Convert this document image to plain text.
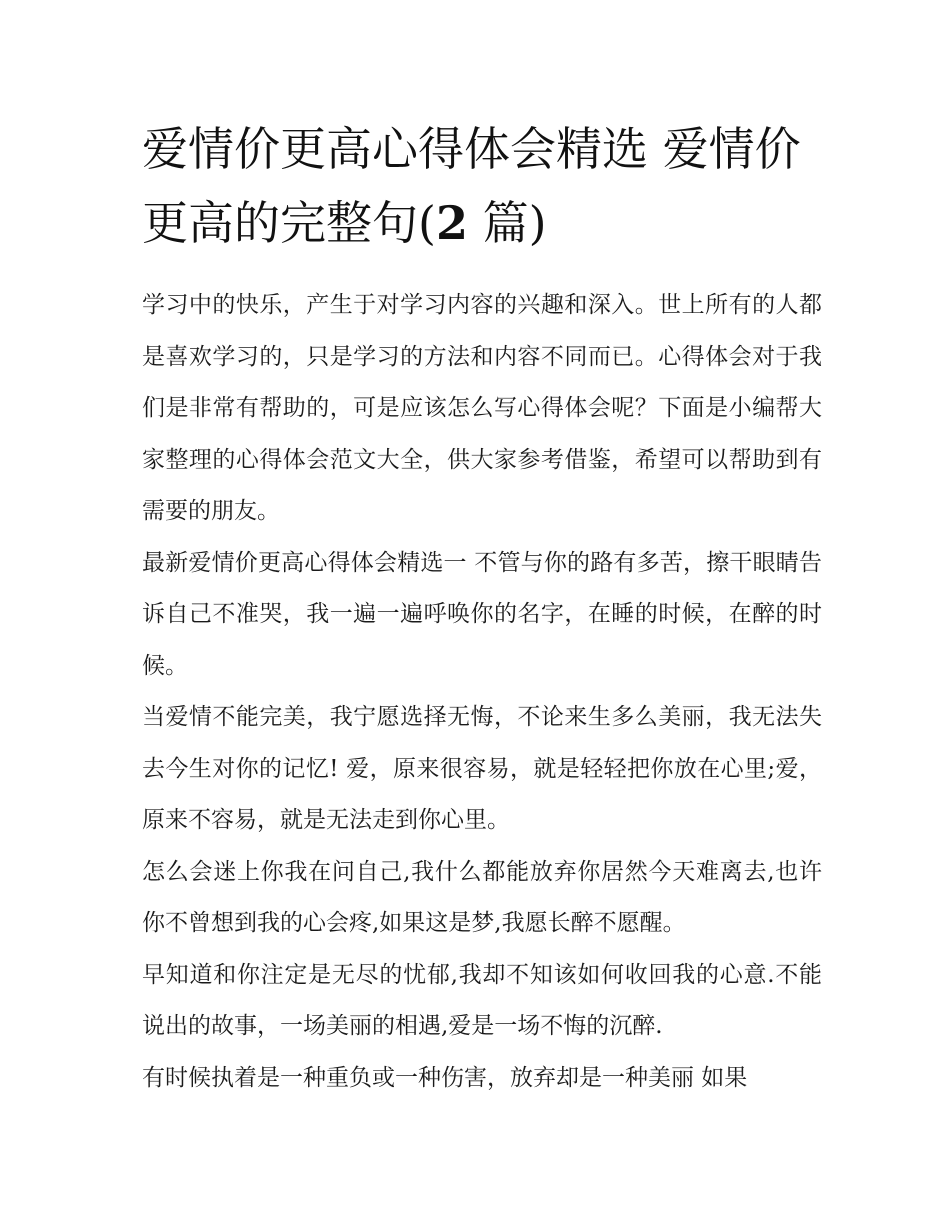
爱情价更高心得体会精选 爱情价更高的完整句(2 篇)

学习中的快乐，产生于对学习内容的兴趣和深入。世上所有的人都是喜欢学习的，只是学习的方法和内容不同而已。心得体会对于我们是非常有帮助的，可是应该怎么写心得体会呢？下面是小编帮大家整理的心得体会范文大全，供大家参考借鉴，希望可以帮助到有需要的朋友。

最新爱情价更高心得体会精选一 不管与你的路有多苦，擦干眼睛告诉自己不准哭，我一遍一遍呼唤你的名字，在睡的时候，在醉的时候。

当爱情不能完美，我宁愿选择无悔，不论来生多么美丽，我无法失去今生对你的记忆! 爱，原来很容易，就是轻轻把你放在心里;爱，原来不容易，就是无法走到你心里。

怎么会迷上你我在问自己,我什么都能放弃你居然今天难离去,也许你不曾想到我的心会疼,如果这是梦,我愿长醉不愿醒。

早知道和你注定是无尽的忧郁,我却不知该如何收回我的心意.不能说出的故事，一场美丽的相遇,爱是一场不悔的沉醉.

有时候执着是一种重负或一种伤害，放弃却是一种美丽 如果
